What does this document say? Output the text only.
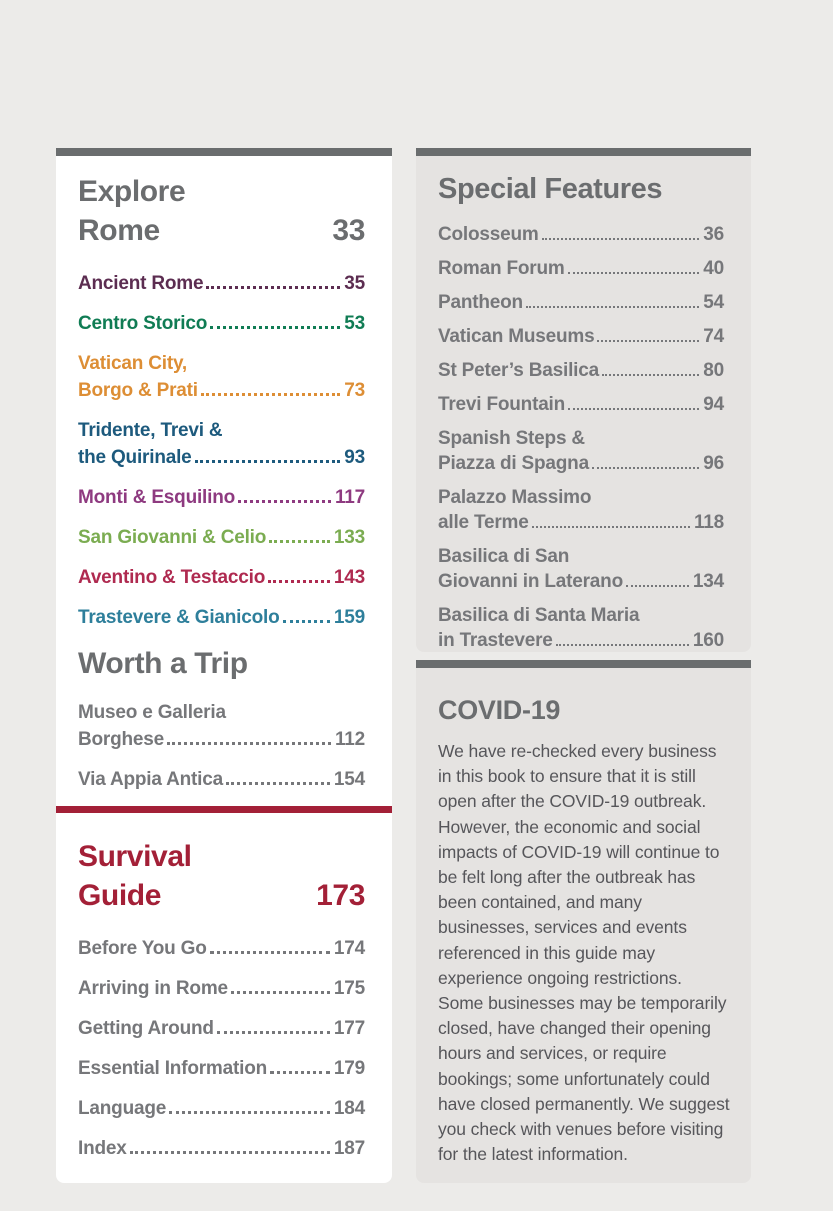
Explore
Rome	33
Ancient Rome	35
Centro Storico	53
Vatican City,
Borgo & Prati	73
Tridente, Trevi &
the Quirinale	93
Monti & Esquilino	117
San Giovanni & Celio	133
Aventino & Testaccio	143
Trastevere & Gianicolo	159
Worth a Trip
Museo e Galleria
Borghese	112
Via Appia Antica	154
Survival
Guide	173
Before You Go	174
Arriving in Rome	175
Getting Around	177
Essential Information	179
Language	184
Index	187
Special Features
Colosseum	36
Roman Forum	40
Pantheon	54
Vatican Museums	74
St Peter’s Basilica	80
Trevi Fountain	94
Spanish Steps &
Piazza di Spagna	96
Palazzo Massimo
alle Terme	118
Basilica di San
Giovanni in Laterano	134
Basilica di Santa Maria
in Trastevere	160
COVID-19
We have re-checked every business in this book to ensure that it is still open after the COVID-19 outbreak. However, the economic and social impacts of COVID-19 will continue to be felt long after the outbreak has been contained, and many businesses, services and events referenced in this guide may experience ongoing restrictions. Some businesses may be temporarily closed, have changed their opening hours and services, or require bookings; some unfortunately could have closed permanently. We suggest you check with venues before visiting for the latest information.
